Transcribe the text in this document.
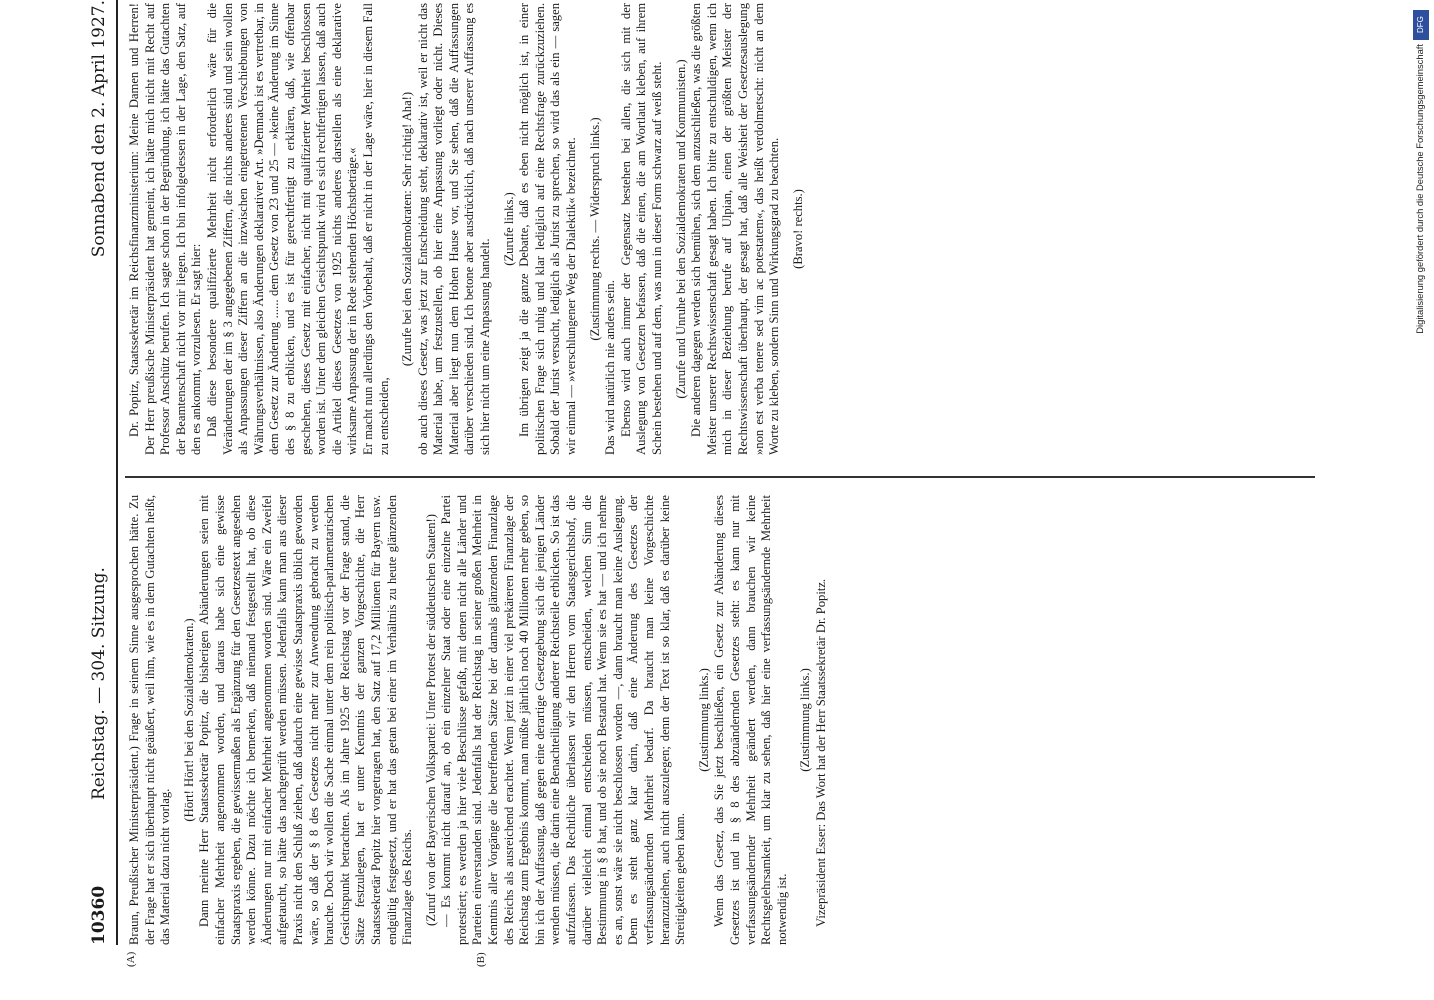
10360
Reichstag. — 304. Sitzung.
Sonnabend den 2. April 1927.
(A)	(B)

Braun, Preußischer Ministerpräsident.) Frage in seinem Sinne ausgesprochen hätte. Zu der Frage hat er sich überhaupt nicht geäußert, weil ihm, wie es in dem Gutachten heißt, das Material dazu nicht vorlag.

(Hört! Hört! bei den Sozialdemokraten.) Dann meinte Herr Staatssekretär Popitz, die bisherigen Abänderungen seien mit einfacher Mehrheit angenommen worden, und daraus habe sich eine gewisse Staatspraxis ergeben, die gewissermaßen als Ergänzung für den Gesetzestext angesehen werden könne. Dazu möchte ich bemerken, daß niemand festgestellt hat, ob diese Änderungen nur mit einfacher Mehrheit angenommen worden sind. Wäre ein Zweifel aufgetaucht, so hätte das nachgeprüft werden müssen. Jedenfalls kann man aus dieser Praxis nicht den Schluß ziehen, daß dadurch eine gewisse Staatspraxis üblich geworden wäre, so daß der § 8 des Gesetzes nicht mehr zur Anwendung gebracht zu werden brauche. Doch wir wollen die Sache einmal unter dem rein politisch-parlamentarischen Gesichtspunkt betrachten. Als im Jahre 1925 der Reichstag vor der Frage stand, die Sätze festzulegen, hat er unter Kenntnis der ganzen Vorgeschichte, die Herr Staatssekretär Popitz hier vorgetragen hat, den Satz auf 17,2 Millionen für Bayern usw. endgültig festgesetzt, und er hat das getan bei einer im Verhältnis zu heute glänzenden Finanzlage des Reichs. (Zuruf von der Bayerischen Volkspartei: Unter Protest der süddeutschen Staaten!) — Es kommt nicht darauf an, ob ein einzelner Staat oder eine einzelne Partei protestiert; es werden ja hier viele Beschlüsse gefaßt, mit denen nicht alle Länder und Parteien einverstanden sind. Jedenfalls hat der Reichstag in seiner großen Mehrheit in Kenntnis aller Vorgänge die betreffenden Sätze bei der damals glänzenden Finanzlage des Reichs als ausreichend erachtet. Wenn jetzt in einer viel prekäreren Finanzlage der Reichstag zum Ergebnis kommt, man müßte jährlich noch 40 Millionen mehr geben, so bin ich der Auffassung, daß gegen eine derartige Gesetzgebung sich die jenigen Länder wenden müssen, die darin eine Benachteiligung anderer Reichsteile erblicken. So ist das aufzufassen. Das Rechtliche überlassen wir den Herren vom Staatsgerichtshof, die darüber vielleicht einmal entscheiden müssen, entscheiden, welchen Sinn die Bestimmung in § 8 hat, und ob sie noch Bestand hat. Wenn sie es hat — und ich nehme es an, sonst wäre sie nicht beschlossen worden —, dann braucht man keine Auslegung. Denn es steht ganz klar darin, daß eine Änderung des Gesetzes der verfassungsändernden Mehrheit bedarf. Da braucht man keine Vorgeschichte heranzuziehen, auch nicht auszulegen; denn der Text ist so klar, daß es darüber keine Streitigkeiten geben kann.

(Zustimmung links.) Wenn das Gesetz, das Sie jetzt beschließen, ein Gesetz zur Abänderung dieses Gesetzes ist und in § 8 des abzuändernden Gesetzes steht: es kann nur mit verfassungsändernder Mehrheit geändert werden, dann brauchen wir keine Rechtsgelehrsamkeit, um klar zu sehen, daß hier eine verfassungsändernde Mehrheit notwendig ist.

(Zustimmung links.) Vizepräsident Esser: Das Wort hat der Herr Staatssekretär Dr. Popitz.

Dr. Popitz, Staatssekretär im Reichsfinanzministerium: Meine Damen und Herren! Der Herr preußische Ministerpräsident hat gemeint, ich hätte mich nicht mit Recht auf Professor Anschütz berufen. Ich sagte schon in der Begründung, ich hätte das Gutachten der Beamtenschaft nicht vor mir liegen. Ich bin infolgedessen in der Lage, den Satz, auf den es ankommt, vorzulesen. Er sagt hier: Daß diese besondere qualifizierte Mehrheit nicht erforderlich wäre für die Veränderungen der im § 3 angegebenen Ziffern, die nichts anderes sind und sein wollen als Anpassungen dieser Ziffern an die inzwischen eingetretenen Verschiebungen von Währungsverhältnissen, also Änderungen deklarativer Art. »Demnach ist es vertretbar, in dem Gesetz zur Änderung ...... dem Gesetz von 23 und 25 — »keine Änderung im Sinne des § 8 zu erblicken, und es ist für gerechtfertigt zu erklären, daß, wie offenbar geschehen, dieses Gesetz mit einfacher, nicht mit qualifizierter Mehrheit beschlossen worden ist. Unter dem gleichen Gesichtspunkt wird es sich rechtfertigen lassen, daß auch die Artikel dieses Gesetzes von 1925 nichts anderes darstellen als eine deklarative wirksame Anpassung der in Rede stehenden Höchstbeträge.« Er macht nun allerdings den Vorbehalt, daß er nicht in der Lage wäre, hier in diesem Fall zu entscheiden,

(Zurufe bei den Sozialdemokraten: Sehr richtig! Aha!) ob auch dieses Gesetz, was jetzt zur Entscheidung steht, deklarativ ist, weil er nicht das Material habe, um festzustellen, ob hier eine Anpassung vorliegt oder nicht. Dieses Material aber liegt nun dem Hohen Hause vor, und Sie sehen, daß die Auffassungen darüber verschieden sind. Ich betone aber ausdrücklich, daß nach unserer Auffassung es sich hier nicht um eine Anpassung handelt.

(Zurufe links.) Im übrigen zeigt ja die ganze Debatte, daß es eben nicht möglich ist, in einer politischen Frage sich ruhig und klar lediglich auf eine Rechtsfrage zurückzuziehen. Sobald der Jurist versucht, lediglich als Jurist zu sprechen, so wird das als ein — sagen wir einmal — »verschlungener Weg der Dialektik« bezeichnet. (Zustimmung rechts. — Widerspruch links.)

Das wird natürlich nie anders sein. Ebenso wird auch immer der Gegensatz bestehen bei allen, die sich mit der Auslegung von Gesetzen befassen, daß die einen, die am Wortlaut kleben, auf ihrem Schein bestehen und auf dem, was nun in dieser Form schwarz auf weiß steht. (Zurufe und Unruhe bei den Sozialdemokraten und Kommunisten.) Die anderen dagegen werden sich bemühen, sich dem anzuschließen, was die größten Meister unserer Rechtswissenschaft gesagt haben. Ich bitte zu entschuldigen, wenn ich mich in dieser Beziehung berufe auf Ulpian, einen der größten Meister der Rechtswissenschaft überhaupt, der gesagt hat, daß alle Weisheit der Gesetzesauslegung »non est verba tenere sed vim ac potestatem«, das heißt verdolmetscht: nicht an dem Worte zu kleben, sondern Sinn und Wirkungsgrad zu beachten. (Bravo! rechts.)

DFG
Digitalisierung gefördert durch die Deutsche Forschungsgemeinschaft
